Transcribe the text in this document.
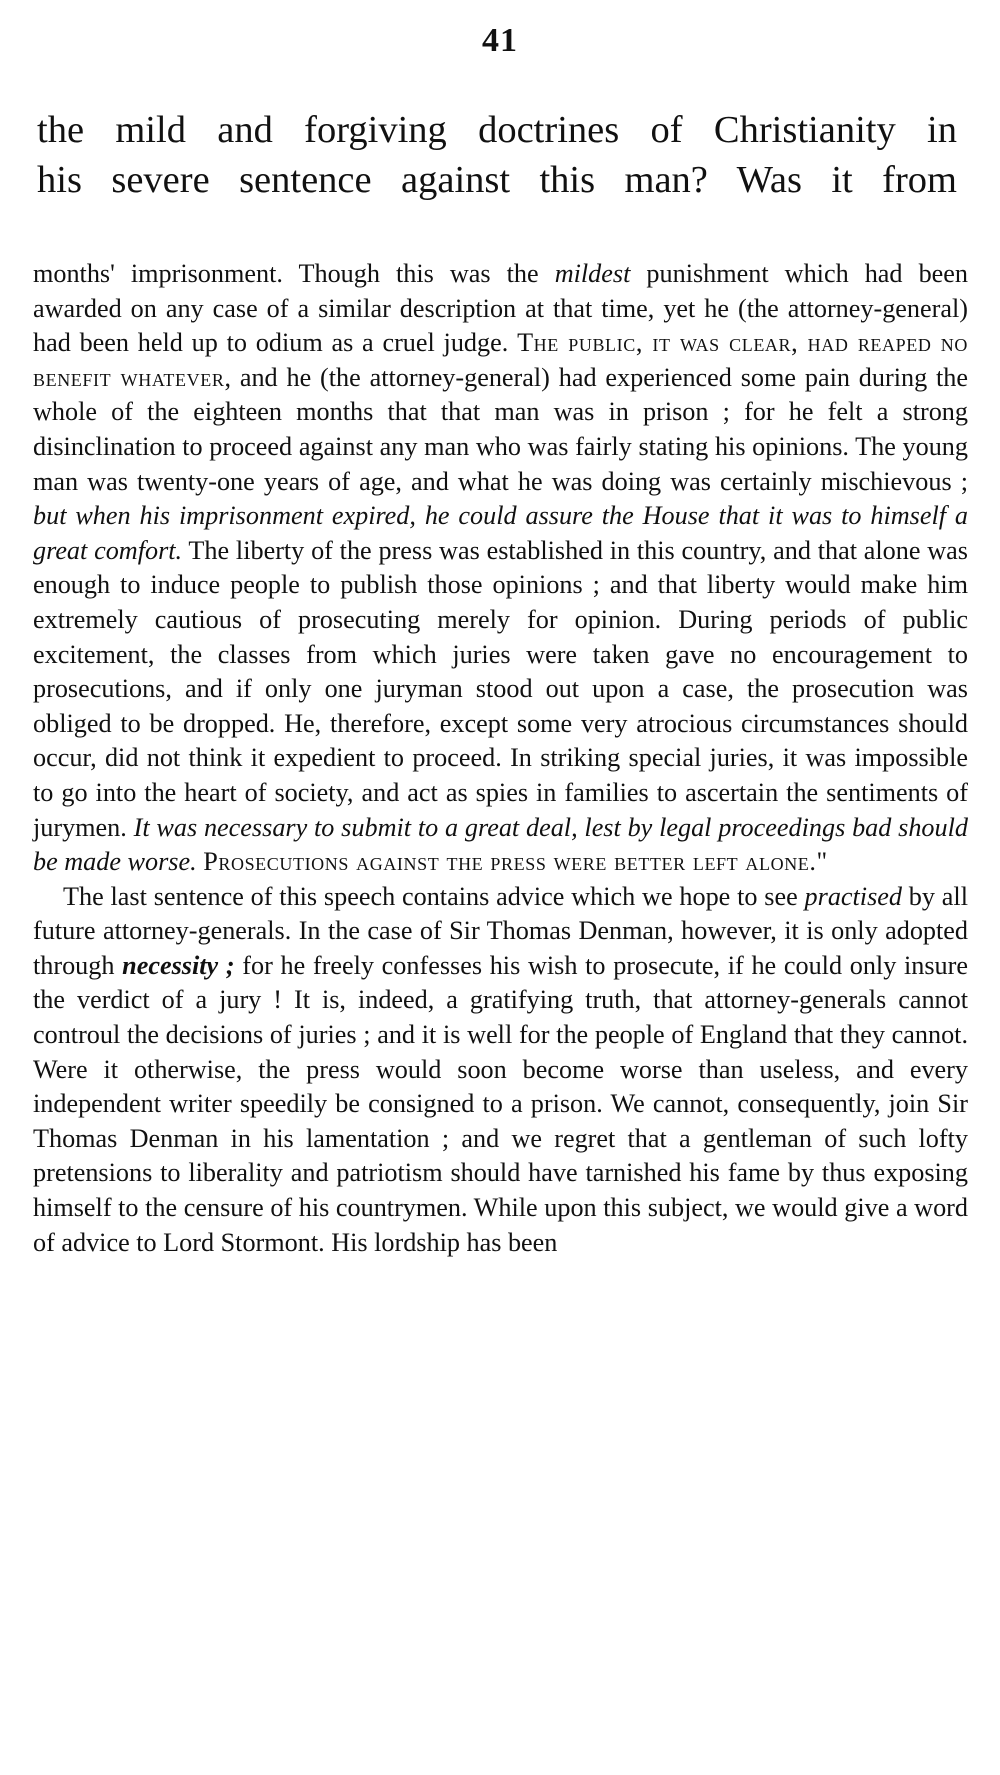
41
the mild and forgiving doctrines of Christianity in
his severe sentence against this man? Was it from

months' imprisonment. Though this was the mildest punishment which had been awarded on any case of a similar description at that time, yet he (the attorney-general) had been held up to odium as a cruel judge. The public, it was clear, had reaped no benefit whatever, and he (the attorney-general) had experienced some pain during the whole of the eighteen months that that man was in prison ; for he felt a strong disinclination to proceed against any man who was fairly stating his opinions. The young man was twenty-one years of age, and what he was doing was certainly mischievous ; but when his imprisonment expired, he could assure the House that it was to himself a great comfort. The liberty of the press was established in this country, and that alone was enough to induce people to publish those opinions ; and that liberty would make him extremely cautious of prosecuting merely for opinion. During periods of public excitement, the classes from which juries were taken gave no encouragement to prosecutions, and if only one juryman stood out upon a case, the prosecution was obliged to be dropped. He, therefore, except some very atrocious circumstances should occur, did not think it expedient to proceed. In striking special juries, it was impossible to go into the heart of society, and act as spies in families to ascertain the sentiments of jurymen. It was necessary to submit to a great deal, lest by legal proceedings bad should be made worse. Prosecutions against the press were better left alone."

The last sentence of this speech contains advice which we hope to see practised by all future attorney-generals. In the case of Sir Thomas Denman, however, it is only adopted through necessity ; for he freely confesses his wish to prosecute, if he could only insure the verdict of a jury ! It is, indeed, a gratifying truth, that attorney-generals cannot controul the decisions of juries ; and it is well for the people of England that they cannot. Were it otherwise, the press would soon become worse than useless, and every independent writer speedily be consigned to a prison. We cannot, consequently, join Sir Thomas Denman in his lamentation ; and we regret that a gentleman of such lofty pretensions to liberality and patriotism should have tarnished his fame by thus exposing himself to the censure of his countrymen. While upon this subject, we would give a word of advice to Lord Stormont. His lordship has been
